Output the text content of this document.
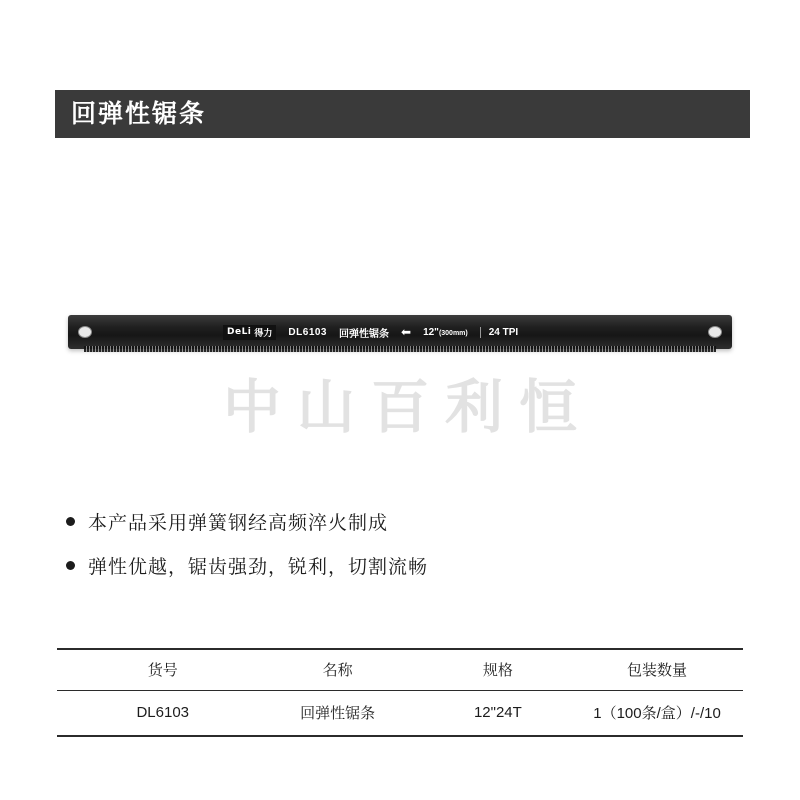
回弹性锯条
DeLi 得力 DL6103 回弹性锯条 ⬅ 12"(300mm)	24 TPI
中山百利恒
本产品采用弹簧钢经高频淬火制成
弹性优越，锯齿强劲，锐利，切割流畅
货号	名称	规格	包装数量
DL6103	回弹性锯条	12"24T	1（100条/盒）/-/10
